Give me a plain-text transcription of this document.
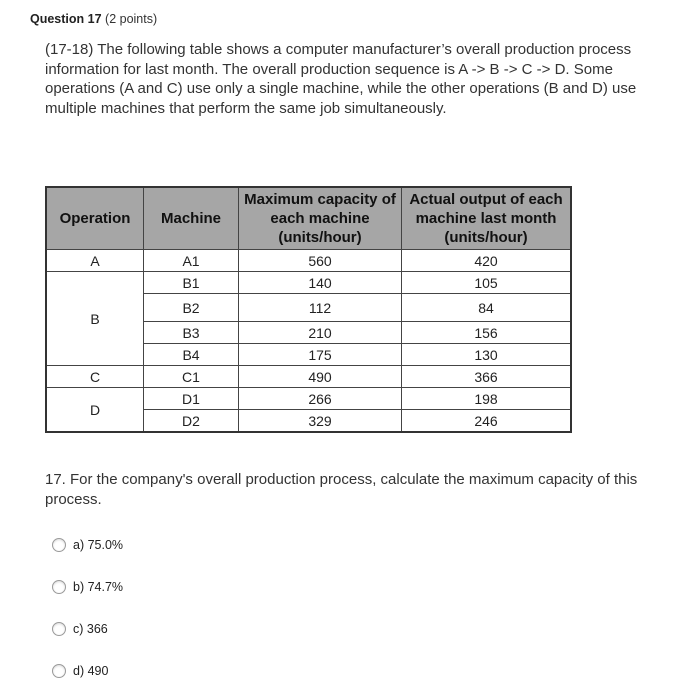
Question 17 (2 points)
(17-18) The following table shows a computer manufacturer’s overall production process information for last month. The overall production sequence is A -> B -> C -> D. Some operations (A and C) use only a single machine, while the other operations (B and D) use multiple machines that perform the same job simultaneously.
Operation	Machine	Maximum capacity of each machine (units/hour)	Actual output of each machine last month (units/hour)
A	A1	560	420
B	B1	140	105
	B2	112	84
	B3	210	156
	B4	175	130
C	C1	490	366
D	D1	266	198
	D2	329	246
17. For the company's overall production process, calculate the maximum capacity of this process.
a) 75.0%
b) 74.7%
c) 366
d) 490
